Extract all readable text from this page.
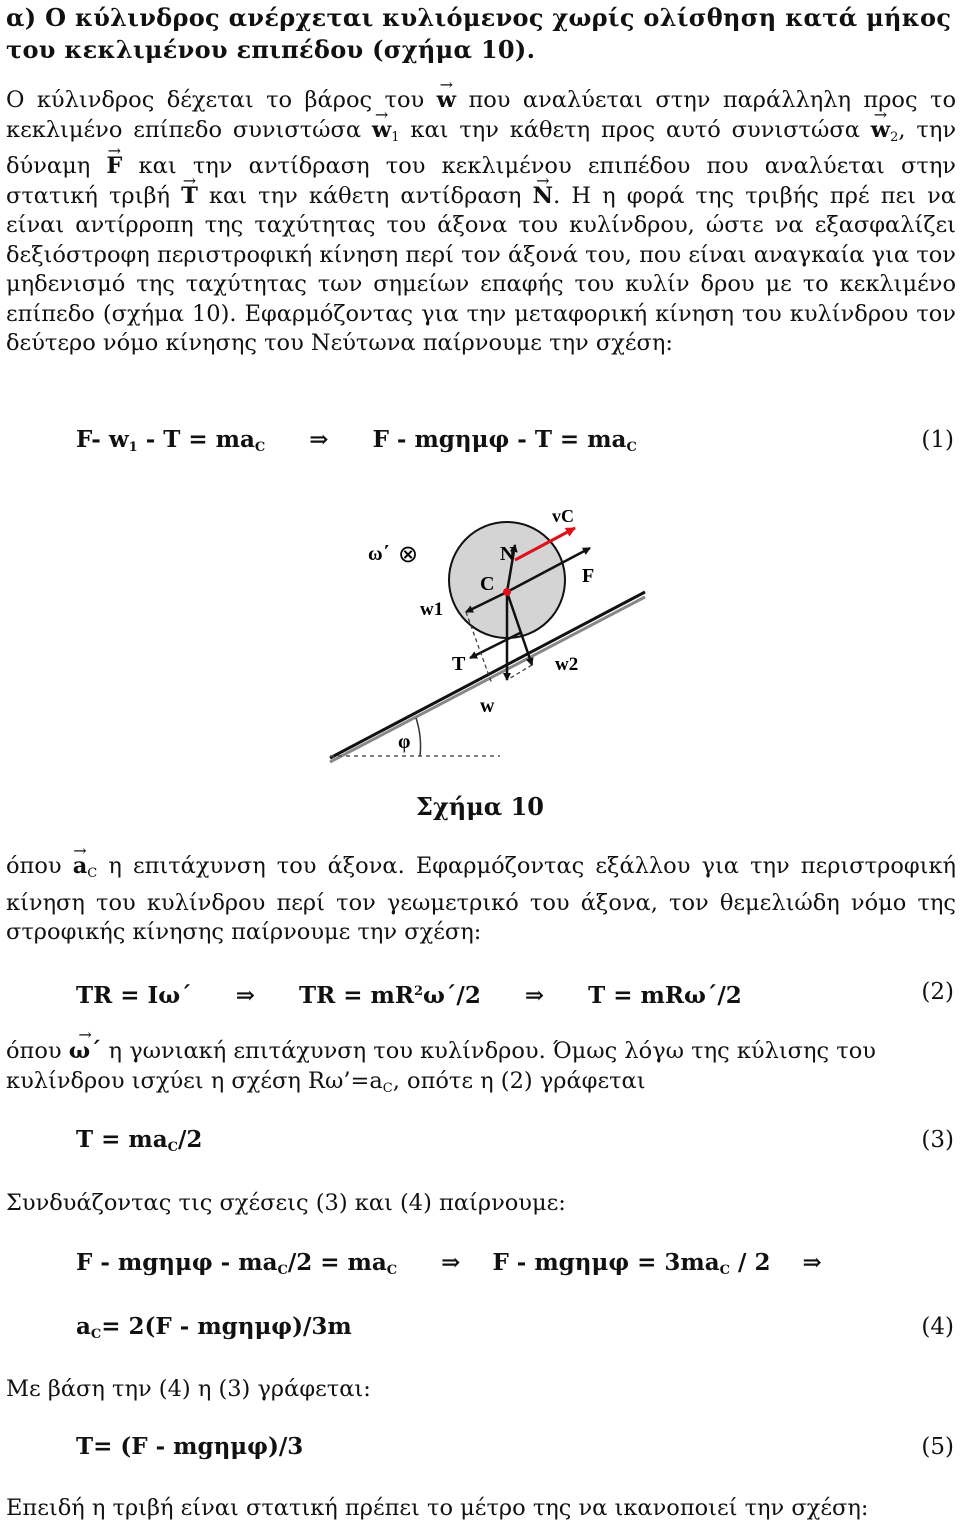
α) Ο κύλινδρος ανέρχεται κυλιόμενος χωρίς ολίσθηση κατά μήκος του κεκλιμένου επιπέδου (σχήμα 10).
Ο κύλινδρος δέχεται το βάρος του → w που αναλύεται στην παράλληλη προς το κεκλιμένο επίπεδο $\sigma\upsilon\nu\iota\sigma\tau ώ\sigma\alpha \to w_1$ και την κάθετη προς αυτό $\sigma\upsilon\nu\iota\sigma\tau ώ\sigma\alpha \to w_2$, την δύναμη → F και την αντίδραση του κεκλιμένου επιπέδου που αναλύεται στην στατική τριβή → T και την κάθετη αντίδραση → N. Η η φορά της τριβής πρέ πει να είναι αντίρροπη της ταχύτητας του άξονα του κυλίνδρου, ώστε να εξασφαλίζει δεξιόστροφη περιστροφική κίνηση περί τον άξονά του, που είναι αναγκαία για τον μηδενισμό της ταχύτητας των σημείων επαφής του κυλίν δρου με το κεκλιμένο επίπεδο (σχήμα 10). Εφαρμόζοντας για την μεταφορική κίνηση του κυλίνδρου τον δεύτερο νόμο κίνησης του Νεύτωνα παίρνουμε την σχέση:
F- $w_1 - T = ma_C$ ⇒ $F - mg\eta\mu\varphi - T = ma_C$	(1)
φ
ω΄ ⊗	N
vC
F
C
w1
T	w2
w
Σχήμα 10
$ό\pi o\upsilon \to a_C$ η επιτάχυνση του άξονα. Εφαρμόζοντας εξάλλου για την περιστροφική κίνηση του κυλίνδρου περί τον γεωμετρικό του άξονα, τον θεμελιώδη νόμο της στροφικής κίνησης παίρνουμε την σχέση:
TR = Iω΄ ⇒ TR = $mR^2\omega΄/2$ ⇒ T = mRω΄/2	(2)
όπου → ω΄ η γωνιακή επιτάχυνση του κυλίνδρου. Όμως λόγω της κύλισης του
κυλίνδρου ισχύει η σχέση $R\omega’=a_C$, οπότε η (2) γράφεται
$T = ma_C/2$	(3)
Συνδυάζοντας τις σχέσεις (3) και (4) παίρνουμε:
$F - mg\eta\mu\varphi - ma_C/2 = ma_C$ ⇒ $F - mg\eta\mu\varphi = 3ma_C / 2$ ⇒
$a_C= 2(F - mg\eta\mu\varphi)/3m$	(4)
Με βάση την (4) η (3) γράφεται:
T= (F - mgημφ)/3	(5)
Επειδή η τριβή είναι στατική πρέπει το μέτρο της να ικανοποιεί την σχέση:
